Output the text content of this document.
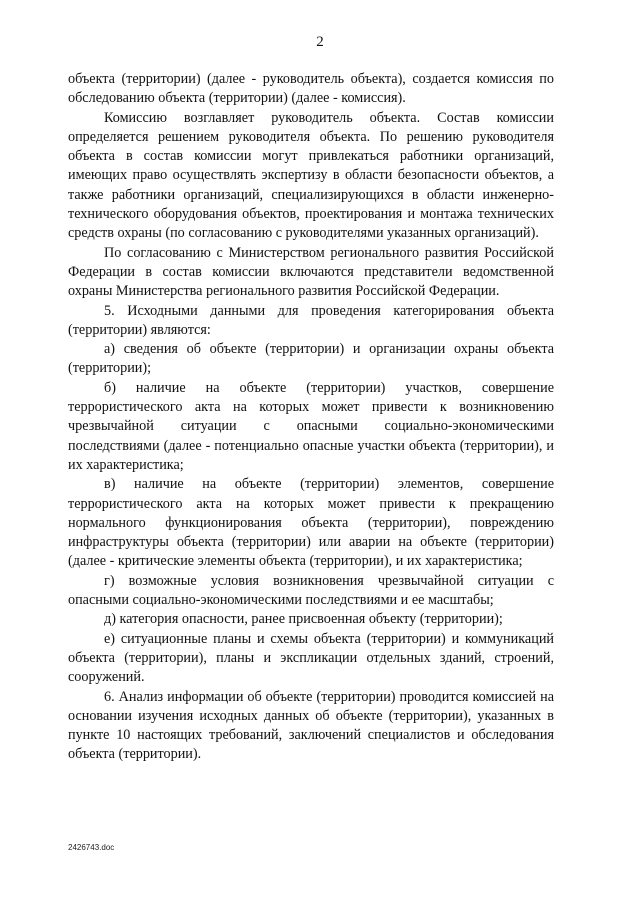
2

объекта (территории) (далее - руководитель объекта), создается комиссия по обследованию объекта (территории) (далее - комиссия).

Комиссию возглавляет руководитель объекта. Состав комиссии определяется решением руководителя объекта. По решению руководителя объекта в состав комиссии могут привлекаться работники организаций, имеющих право осуществлять экспертизу в области безопасности объектов, а также работники организаций, специализирующихся в области инженерно-технического оборудования объектов, проектирования и монтажа технических средств охраны (по согласованию с руководителями указанных организаций).

По согласованию с Министерством регионального развития Российской Федерации в состав комиссии включаются представители ведомственной охраны Министерства регионального развития Российской Федерации.

5. Исходными данными для проведения категорирования объекта (территории) являются:

а) сведения об объекте (территории) и организации охраны объекта (территории);

б) наличие на объекте (территории) участков, совершение террористического акта на которых может привести к возникновению чрезвычайной ситуации с опасными социально-экономическими последствиями (далее - потенциально опасные участки объекта (территории), и их характеристика;

в) наличие на объекте (территории) элементов, совершение террористического акта на которых может привести к прекращению нормального функционирования объекта (территории), повреждению инфраструктуры объекта (территории) или аварии на объекте (территории) (далее - критические элементы объекта (территории), и их характеристика;

г) возможные условия возникновения чрезвычайной ситуации с опасными социально-экономическими последствиями и ее масштабы;

д) категория опасности, ранее присвоенная объекту (территории);

е) ситуационные планы и схемы объекта (территории) и коммуникаций объекта (территории), планы и экспликации отдельных зданий, строений, сооружений.

6. Анализ информации об объекте (территории) проводится комиссией на основании изучения исходных данных об объекте (территории), указанных в пункте 10 настоящих требований, заключений специалистов и обследования объекта (территории).

2426743.doc
